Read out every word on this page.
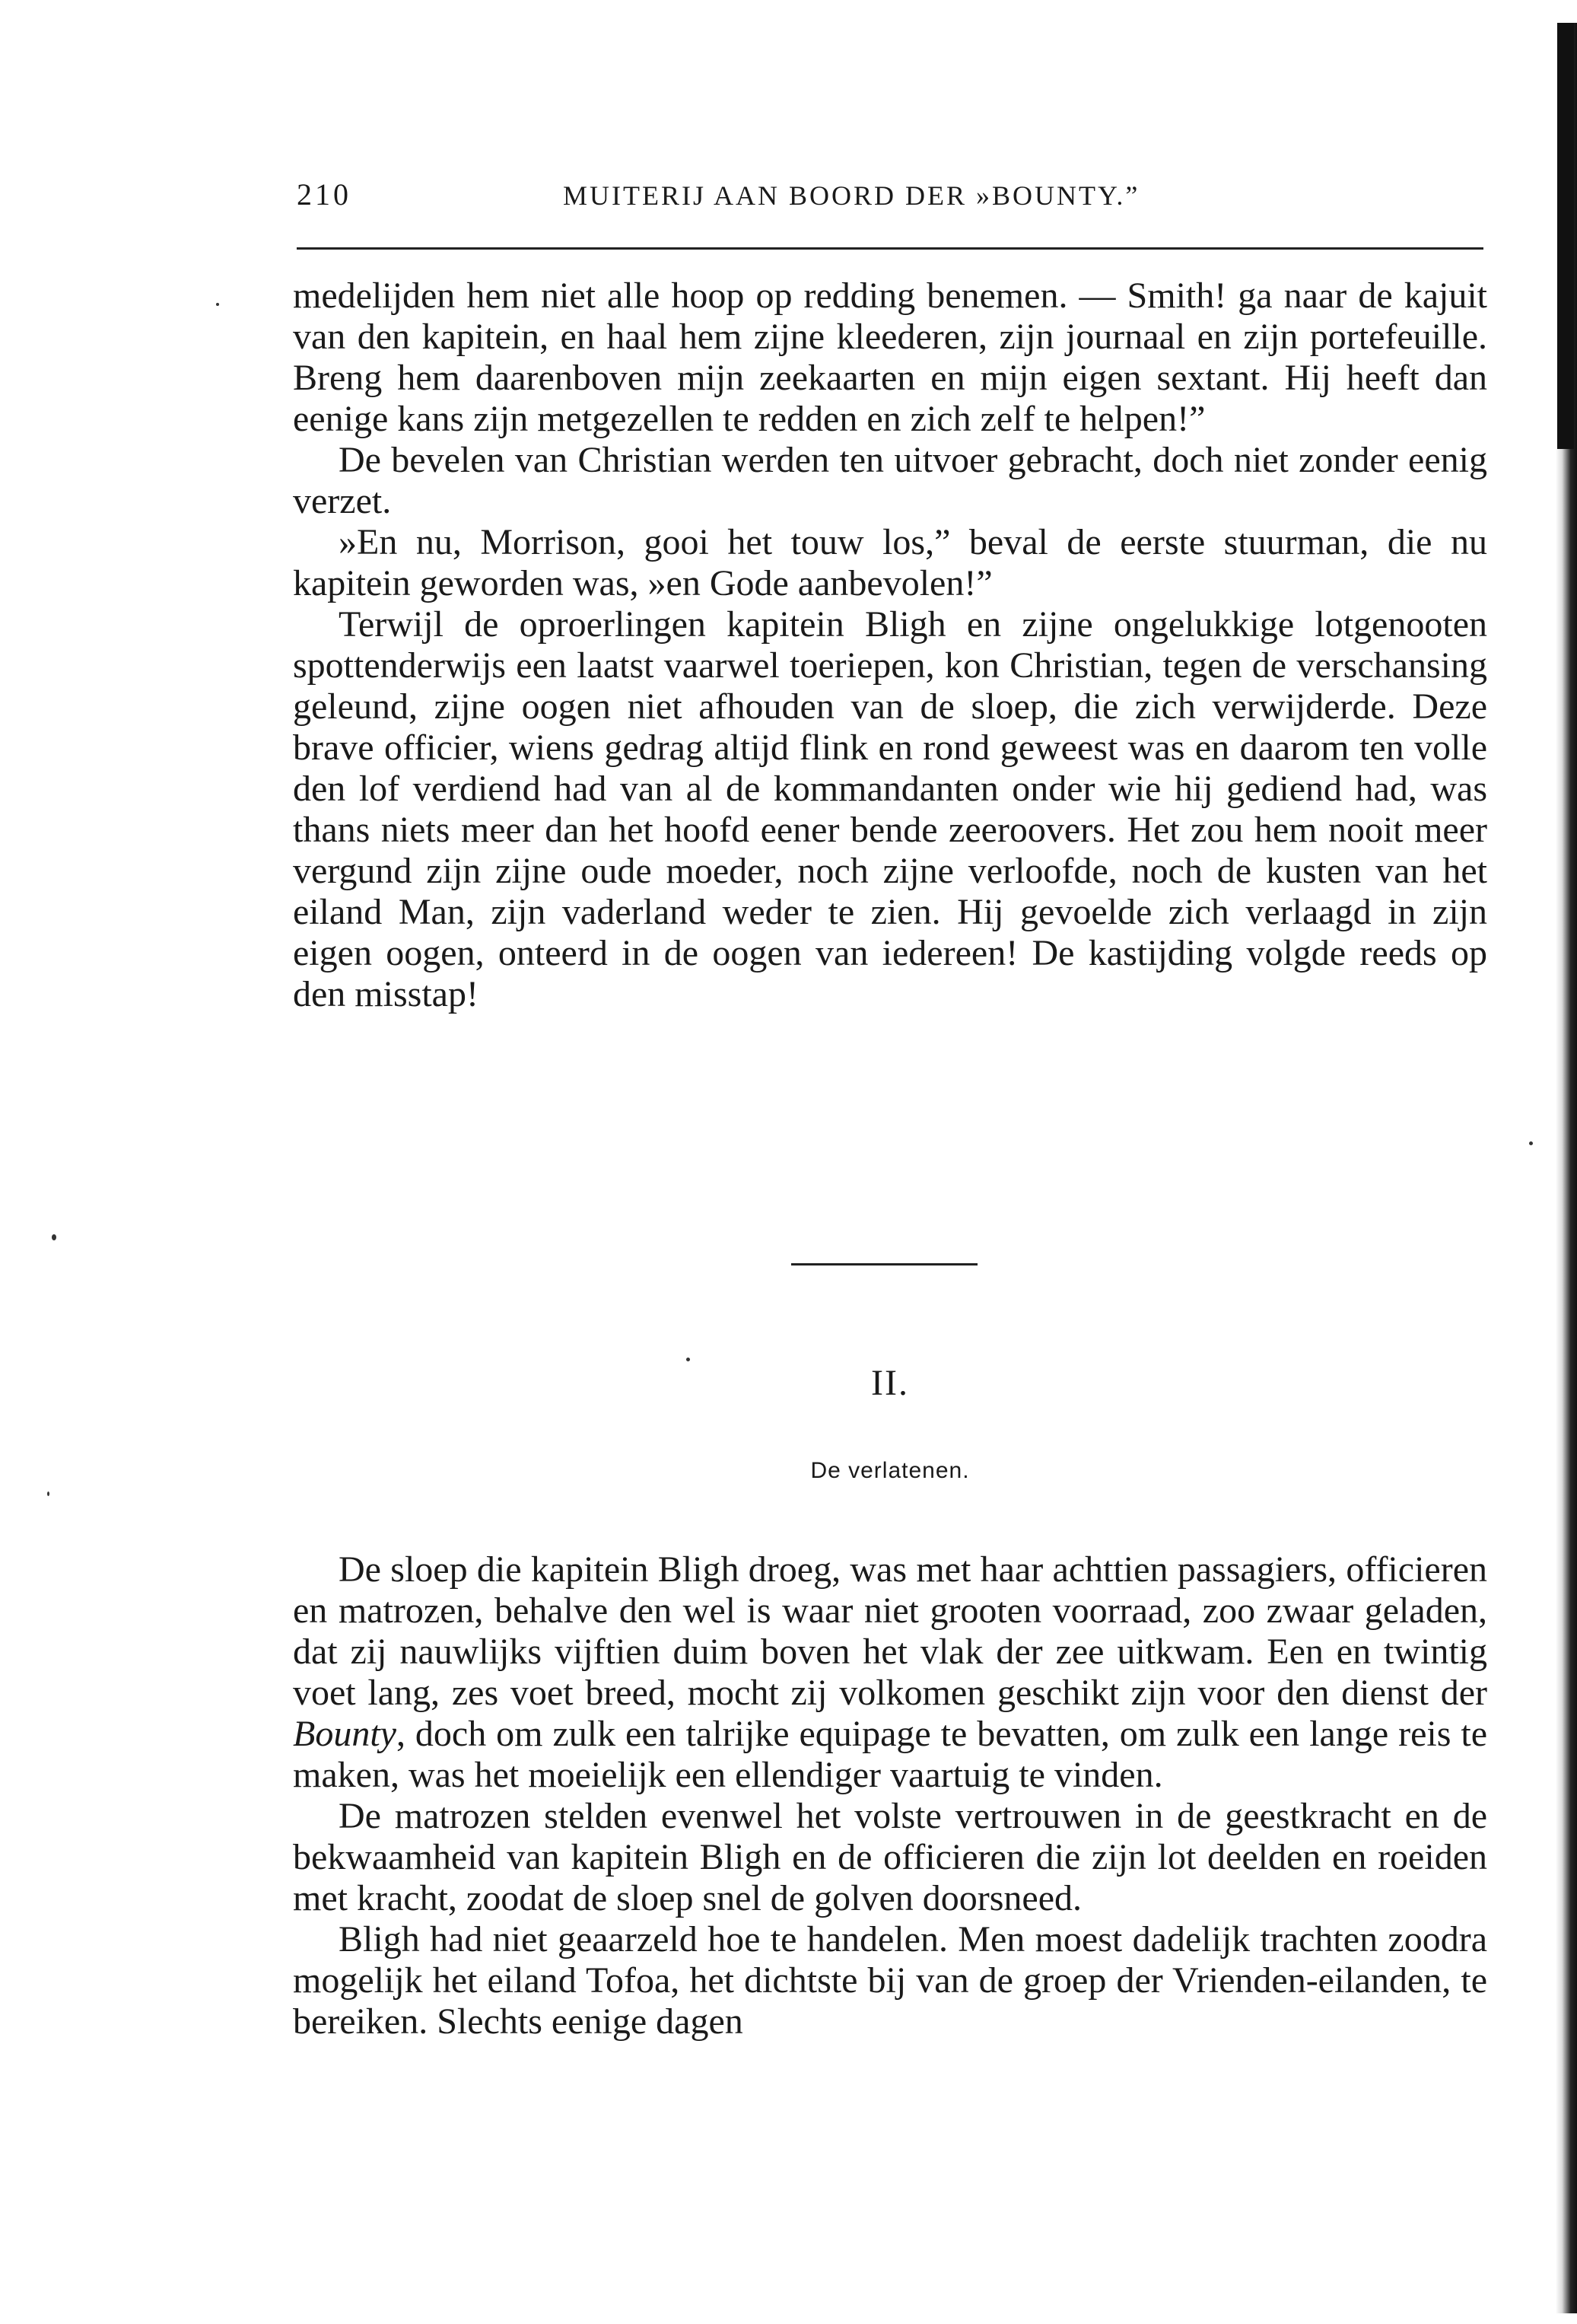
210	MUITERIJ AAN BOORD DER »BOUNTY.”

medelijden hem niet alle hoop op redding benemen. — Smith! ga naar de kajuit van den kapitein, en haal hem zijne kleederen, zijn journaal en zijn portefeuille. Breng hem daarenboven mijn zeekaarten en mijn eigen sextant. Hij heeft dan eenige kans zijn metgezellen te redden en zich zelf te helpen!”

De bevelen van Christian werden ten uitvoer gebracht, doch niet zonder eenig verzet.

»En nu, Morrison, gooi het touw los,” beval de eerste stuurman, die nu kapitein geworden was, »en Gode aanbevolen!”

Terwijl de oproerlingen kapitein Bligh en zijne ongelukkige lotgenooten spottenderwijs een laatst vaarwel toeriepen, kon Christian, tegen de verschansing geleund, zijne oogen niet afhouden van de sloep, die zich verwijderde. Deze brave officier, wiens gedrag altijd flink en rond geweest was en daarom ten volle den lof verdiend had van al de kommandanten onder wie hij gediend had, was thans niets meer dan het hoofd eener bende zeeroovers. Het zou hem nooit meer vergund zijn zijne oude moeder, noch zijne verloofde, noch de kusten van het eiland Man, zijn vaderland weder te zien. Hij gevoelde zich verlaagd in zijn eigen oogen, onteerd in de oogen van iedereen! De kastijding volgde reeds op den misstap!

II.
De verlatenen.

De sloep die kapitein Bligh droeg, was met haar achttien passagiers, officieren en matrozen, behalve den wel is waar niet grooten voorraad, zoo zwaar geladen, dat zij nauwlijks vijftien duim boven het vlak der zee uitkwam. Een en twintig voet lang, zes voet breed, mocht zij volkomen geschikt zijn voor den dienst der Bounty, doch om zulk een talrijke equipage te bevatten, om zulk een lange reis te maken, was het moeielijk een ellendiger vaartuig te vinden.

De matrozen stelden evenwel het volste vertrouwen in de geestkracht en de bekwaamheid van kapitein Bligh en de officieren die zijn lot deelden en roeiden met kracht, zoodat de sloep snel de golven doorsneed.

Bligh had niet geaarzeld hoe te handelen. Men moest dadelijk trachten zoodra mogelijk het eiland Tofoa, het dichtste bij van de groep der Vrienden-eilanden, te bereiken. Slechts eenige dagen
